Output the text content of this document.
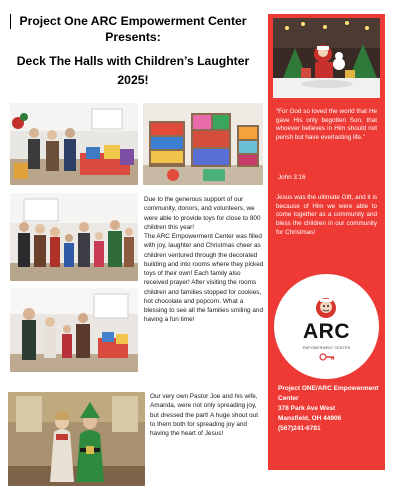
Project One ARC Empowerment Center
Presents:
Deck The Halls with Children’s Laughter
2025!

Due to the generous support of our community, donors, and volunteers, we were able to provide toys for close to 800 children this year!

The ARC Empowerment Center was filled with joy, laughter and Christmas cheer as children ventured through the decorated building and into rooms where they picked toys of their own! Each family also received prayer! After visiting the rooms children and families stopped for cookies, hot chocolate and popcorn. What a blessing to see all the families smiling and having a fun time!

Our very own Pastor Joe and his wife, Amanda, were not only spreading joy, but dressed the part! A huge shout out to them both for spreading joy and having the heart of Jesus!
“For God so loved the world that He gave His only begotten Son, that whoever believes in Him should not perish but have everlasting life.”
John 3:16
Jesus was the ultimate Gift, and it is because of Him we were able to come together as a community and bless the children in our community for Christmas!
ARC
EMPOWERMENT CENTER
Project ONE/ARC Empowerment Center
378 Park Ave West
Mansfield, OH 44906
(567)241-6781
